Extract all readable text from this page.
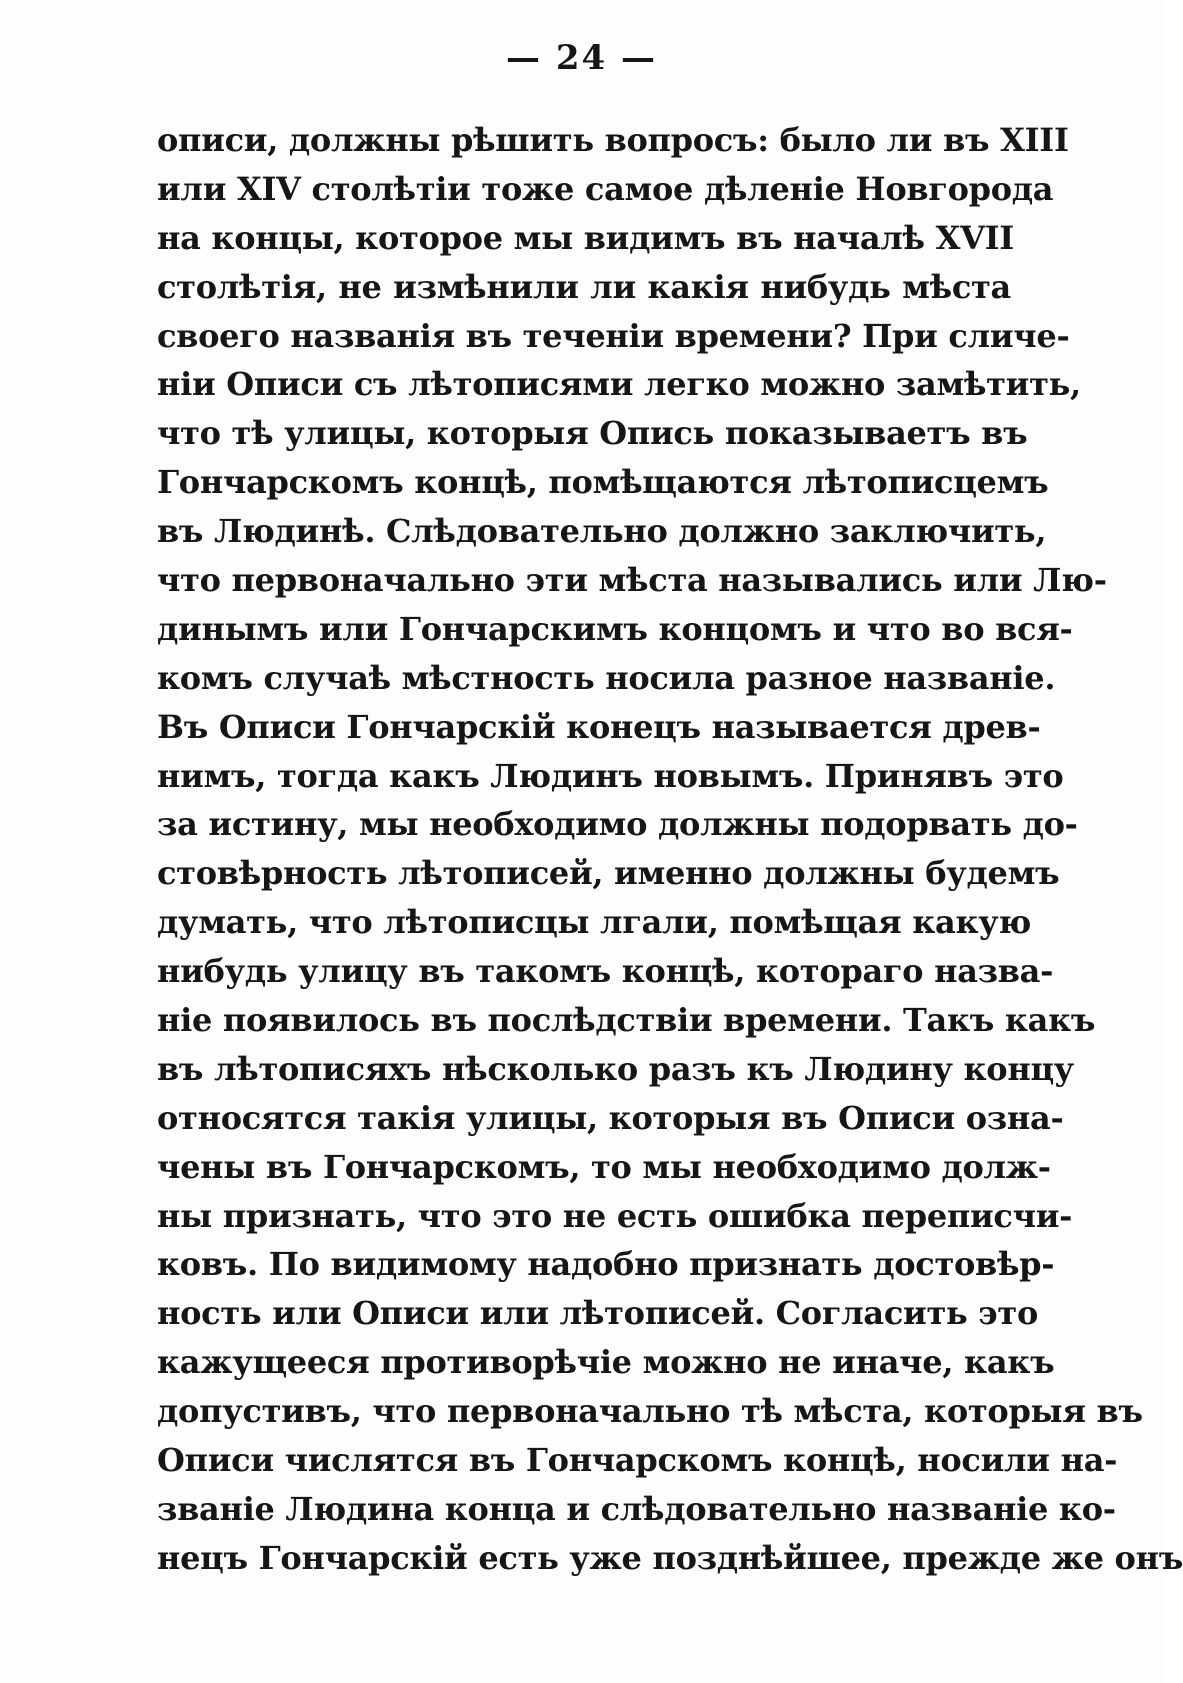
— 24 —
описи, должны рѣшить вопросъ: было ли въ XIII
или XIV столѣтіи тоже самое дѣленіе Новгорода
на концы, которое мы видимъ въ началѣ XVII
столѣтія, не измѣнили ли какія нибудь мѣста
своего названія въ теченіи времени? При сличе-
ніи Описи съ лѣтописями легко можно замѣтить,
что тѣ улицы, которыя Опись показываетъ въ
Гончарскомъ концѣ, помѣщаются лѣтописцемъ
въ Людинѣ. Слѣдовательно должно заключить,
что первоначально эти мѣста назывались или Лю-
динымъ или Гончарскимъ концомъ и что во вся-
комъ случаѣ мѣстность носила разное названіе.
Въ Описи Гончарскій конецъ называется древ-
нимъ, тогда какъ Людинъ новымъ. Принявъ это
за истину, мы необходимо должны подорвать до-
стовѣрность лѣтописей, именно должны будемъ
думать, что лѣтописцы лгали, помѣщая какую
нибудь улицу въ такомъ концѣ, котораго назва-
ніе появилось въ послѣдствіи времени. Такъ какъ
въ лѣтописяхъ нѣсколько разъ къ Людину концу
относятся такія улицы, которыя въ Описи озна-
чены въ Гончарскомъ, то мы необходимо долж-
ны признать, что это не есть ошибка переписчи-
ковъ. По видимому надобно признать достовѣр-
ность или Описи или лѣтописей. Согласить это
кажущееся противорѣчіе можно не иначе, какъ
допустивъ, что первоначально тѣ мѣста, которыя въ
Описи числятся въ Гончарскомъ концѣ, носили на-
званіе Людина конца и слѣдовательно названіе ко-
нецъ Гончарскій есть уже позднѣйшее, прежде же онъ
